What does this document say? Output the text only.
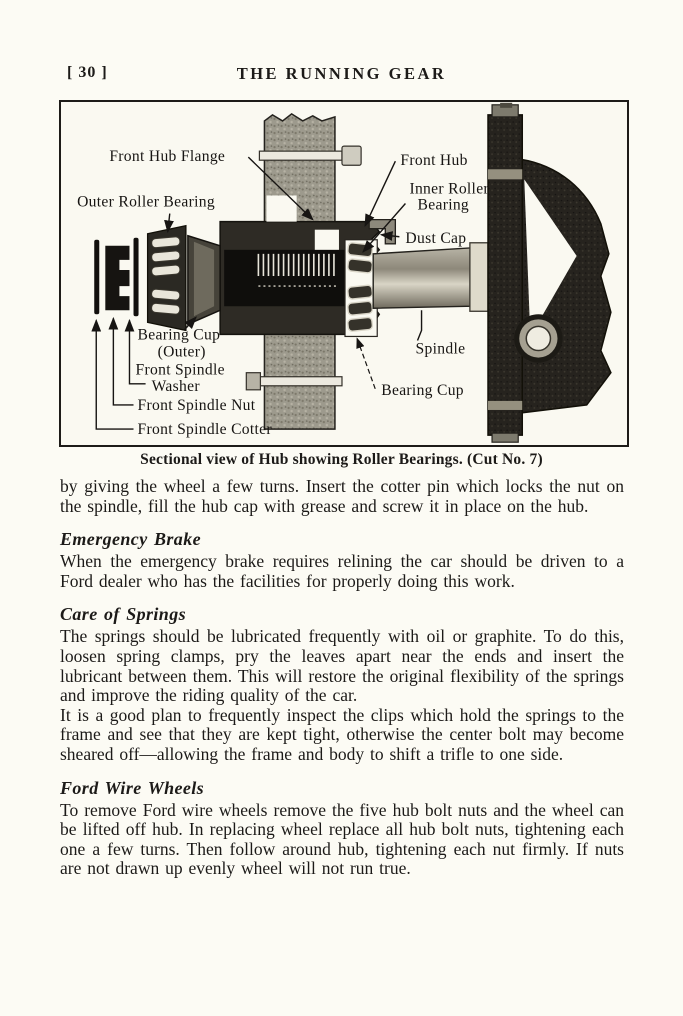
[ 30 ]	THE RUNNING GEAR
Front Hub Flange
Outer Roller Bearing
Front Hub
Inner Roller
Bearing
Dust Cap
Spindle
Bearing Cup
Bearing Cup
(Outer)
Front Spindle
Washer
Front Spindle Nut
Front Spindle Cotter
Sectional view of Hub showing Roller Bearings. (Cut No. 7)

by giving the wheel a few turns. Insert the cotter pin which locks the nut on the spindle, fill the hub cap with grease and screw it in place on the hub.

Emergency Brake

When the emergency brake requires relining the car should be driven to a Ford dealer who has the facilities for properly doing this work.

Care of Springs

The springs should be lubricated frequently with oil or graphite. To do this, loosen spring clamps, pry the leaves apart near the ends and insert the lubricant between them. This will restore the original flexibility of the springs and improve the riding quality of the car.

It is a good plan to frequently inspect the clips which hold the springs to the frame and see that they are kept tight, otherwise the center bolt may become sheared off—allowing the frame and body to shift a trifle to one side.

Ford Wire Wheels

To remove Ford wire wheels remove the five hub bolt nuts and the wheel can be lifted off hub. In replacing wheel replace all hub bolt nuts, tightening each one a few turns. Then follow around hub, tightening each nut firmly. If nuts are not drawn up evenly wheel will not run true.
